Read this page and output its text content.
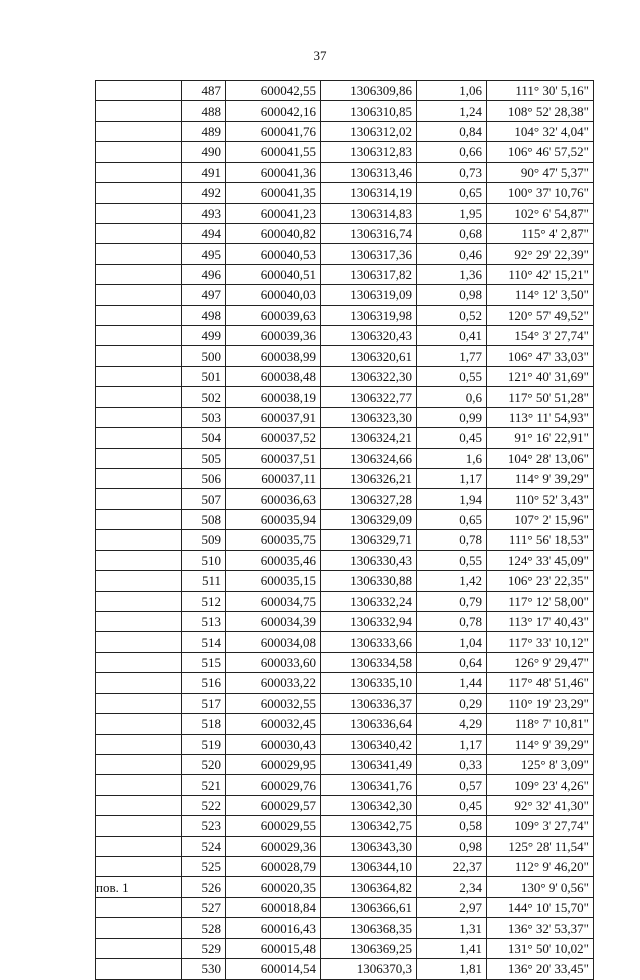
37
	487	600042,55	1306309,86	1,06	111° 30' 5,16"
	488	600042,16	1306310,85	1,24	108° 52' 28,38"
	489	600041,76	1306312,02	0,84	104° 32' 4,04"
	490	600041,55	1306312,83	0,66	106° 46' 57,52"
	491	600041,36	1306313,46	0,73	90° 47' 5,37"
	492	600041,35	1306314,19	0,65	100° 37' 10,76"
	493	600041,23	1306314,83	1,95	102° 6' 54,87"
	494	600040,82	1306316,74	0,68	115° 4' 2,87"
	495	600040,53	1306317,36	0,46	92° 29' 22,39"
	496	600040,51	1306317,82	1,36	110° 42' 15,21"
	497	600040,03	1306319,09	0,98	114° 12' 3,50"
	498	600039,63	1306319,98	0,52	120° 57' 49,52"
	499	600039,36	1306320,43	0,41	154° 3' 27,74"
	500	600038,99	1306320,61	1,77	106° 47' 33,03"
	501	600038,48	1306322,30	0,55	121° 40' 31,69"
	502	600038,19	1306322,77	0,6	117° 50' 51,28"
	503	600037,91	1306323,30	0,99	113° 11' 54,93"
	504	600037,52	1306324,21	0,45	91° 16' 22,91"
	505	600037,51	1306324,66	1,6	104° 28' 13,06"
	506	600037,11	1306326,21	1,17	114° 9' 39,29"
	507	600036,63	1306327,28	1,94	110° 52' 3,43"
	508	600035,94	1306329,09	0,65	107° 2' 15,96"
	509	600035,75	1306329,71	0,78	111° 56' 18,53"
	510	600035,46	1306330,43	0,55	124° 33' 45,09"
	511	600035,15	1306330,88	1,42	106° 23' 22,35"
	512	600034,75	1306332,24	0,79	117° 12' 58,00"
	513	600034,39	1306332,94	0,78	113° 17' 40,43"
	514	600034,08	1306333,66	1,04	117° 33' 10,12"
	515	600033,60	1306334,58	0,64	126° 9' 29,47"
	516	600033,22	1306335,10	1,44	117° 48' 51,46"
	517	600032,55	1306336,37	0,29	110° 19' 23,29"
	518	600032,45	1306336,64	4,29	118° 7' 10,81"
	519	600030,43	1306340,42	1,17	114° 9' 39,29"
	520	600029,95	1306341,49	0,33	125° 8' 3,09"
	521	600029,76	1306341,76	0,57	109° 23' 4,26"
	522	600029,57	1306342,30	0,45	92° 32' 41,30"
	523	600029,55	1306342,75	0,58	109° 3' 27,74"
	524	600029,36	1306343,30	0,98	125° 28' 11,54"
	525	600028,79	1306344,10	22,37	112° 9' 46,20"
пов. 1	526	600020,35	1306364,82	2,34	130° 9' 0,56"
	527	600018,84	1306366,61	2,97	144° 10' 15,70"
	528	600016,43	1306368,35	1,31	136° 32' 53,37"
	529	600015,48	1306369,25	1,41	131° 50' 10,02"
	530	600014,54	1306370,3	1,81	136° 20' 33,45"
